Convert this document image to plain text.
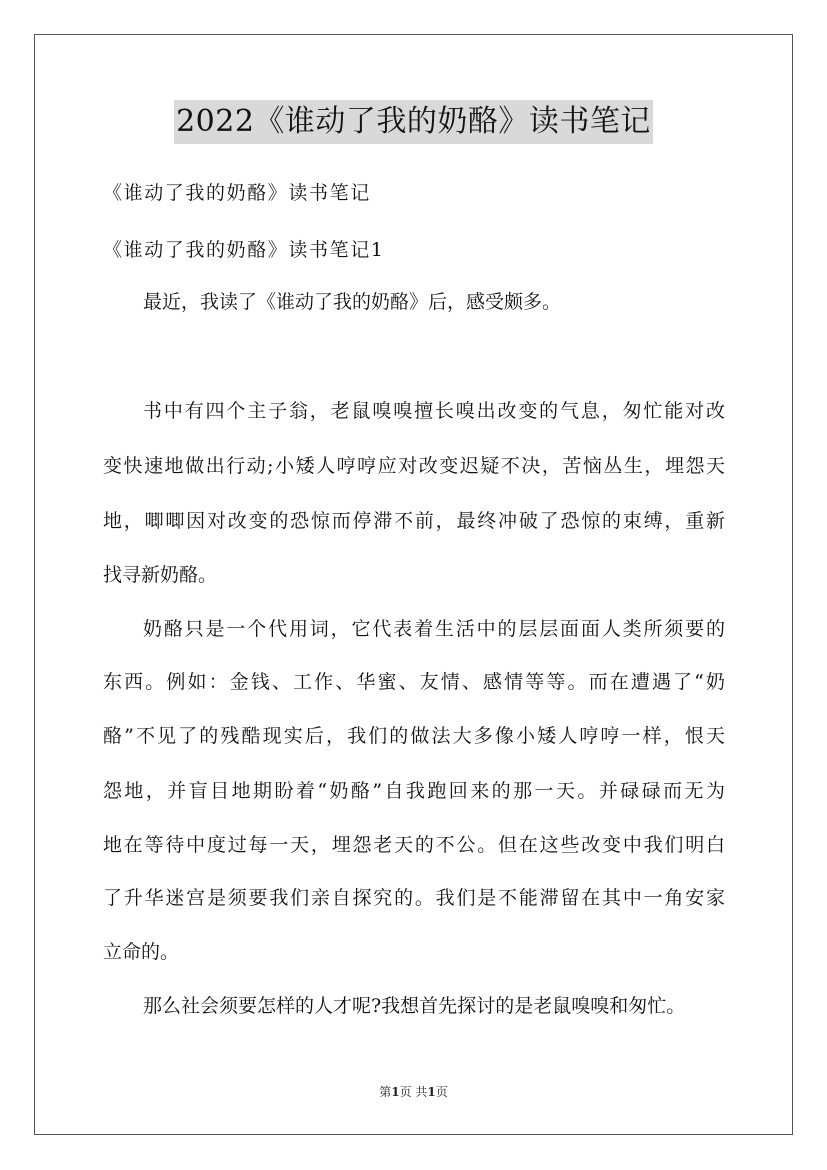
2022《谁动了我的奶酪》读书笔记
《谁动了我的奶酪》读书笔记
《谁动了我的奶酪》读书笔记1
最近，我读了《谁动了我的奶酪》后，感受颇多。
书中有四个主子翁，老鼠嗅嗅擅长嗅出改变的气息，匆忙能对改
变快速地做出行动;小矮人哼哼应对改变迟疑不决，苦恼丛生，埋怨天
地，唧唧因对改变的恐惊而停滞不前，最终冲破了恐惊的束缚，重新
找寻新奶酪。
奶酪只是一个代用词，它代表着生活中的层层面面人类所须要的
东西。例如：金钱、工作、华蜜、友情、感情等等。而在遭遇了“奶
酪”不见了的残酷现实后，我们的做法大多像小矮人哼哼一样，恨天
怨地，并盲目地期盼着“奶酪”自我跑回来的那一天。并碌碌而无为
地在等待中度过每一天，埋怨老天的不公。但在这些改变中我们明白
了升华迷宫是须要我们亲自探究的。我们是不能滞留在其中一角安家
立命的。
那么社会须要怎样的人才呢?我想首先探讨的是老鼠嗅嗅和匆忙。
第1页 共1页
